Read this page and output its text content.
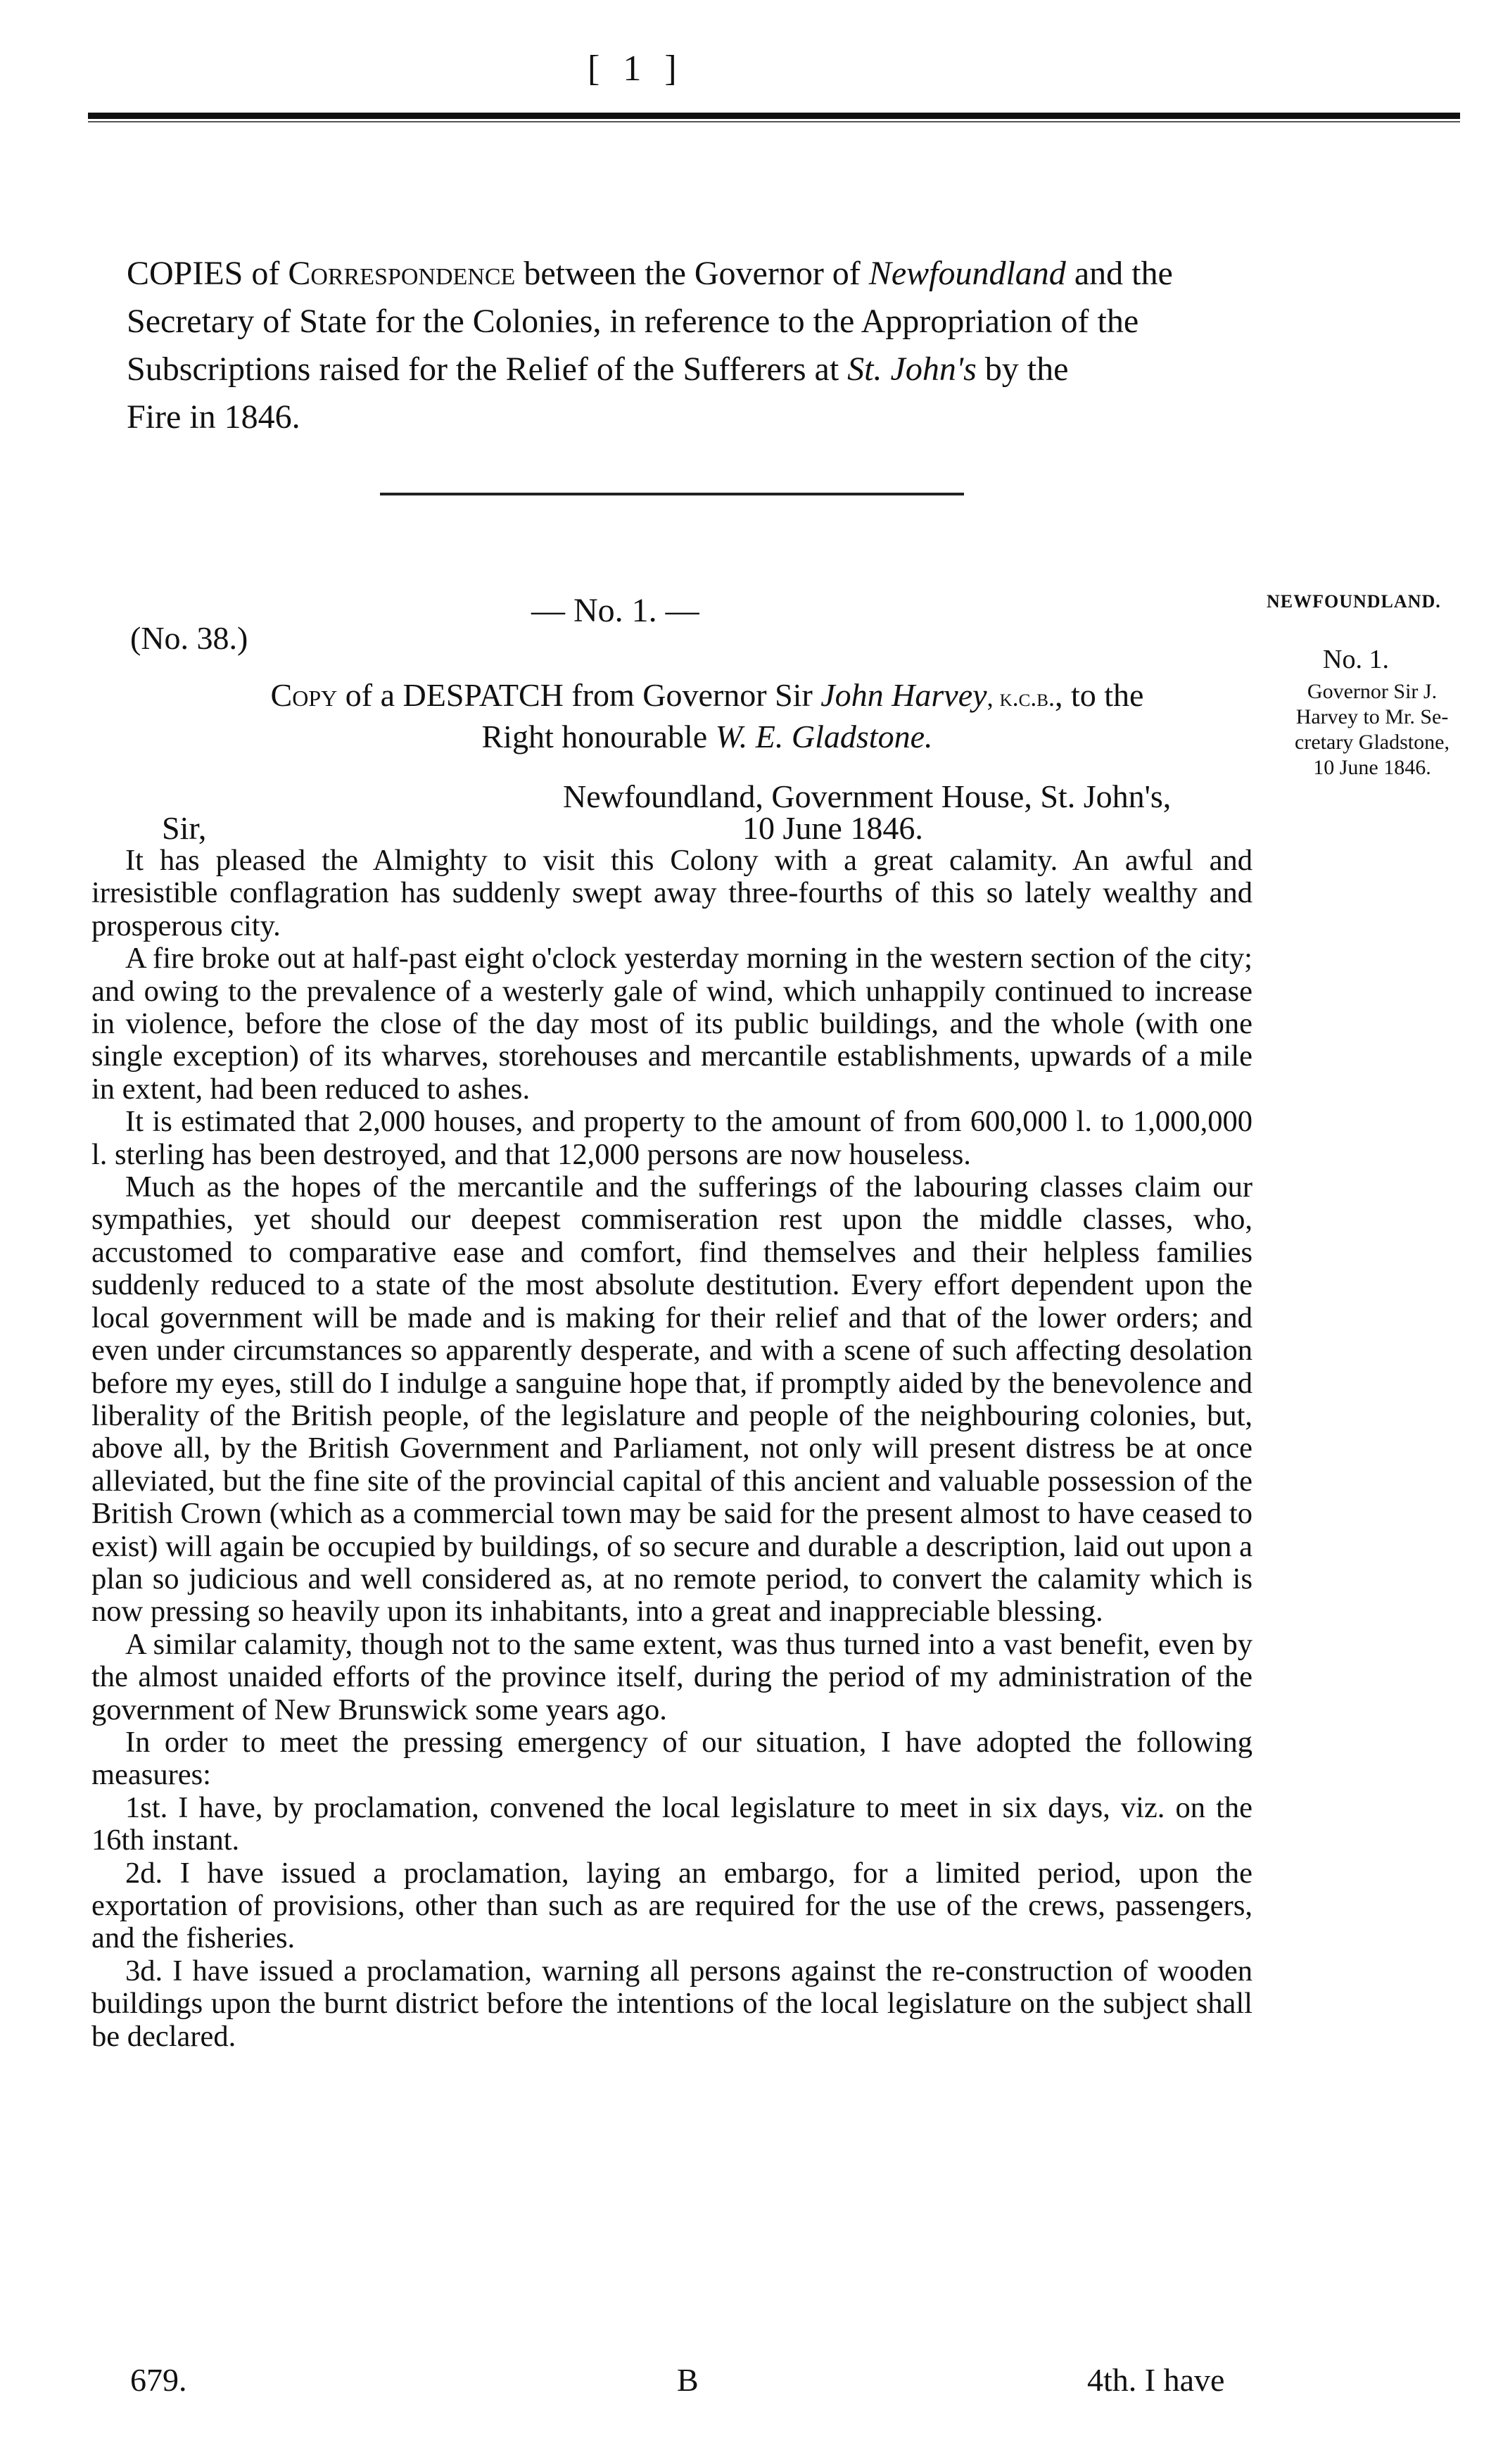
[ 1 ]

COPIES of Correspondence between the Governor of Newfoundland and the

Secretary of State for the Colonies, in reference to the Appropriation of the

Subscriptions raised for the Relief of the Sufferers at St. John's by the

Fire in 1846.

— No. 1. —
(No. 38.)
NEWFOUNDLAND.
No. 1.
Governor Sir J.
Harvey to Mr. Se-
cretary Gladstone,
10 June 1846.
Copy of a DESPATCH from Governor Sir John Harvey, k.c.b., to the
Right honourable W. E. Gladstone.
Newfoundland, Government House, St. John's,
Sir,	10 June 1846.

It has pleased the Almighty to visit this Colony with a great calamity. An awful and irresistible conflagration has suddenly swept away three-fourths of this so lately wealthy and prosperous city.

A fire broke out at half-past eight o'clock yesterday morning in the western section of the city; and owing to the prevalence of a westerly gale of wind, which unhappily continued to increase in violence, before the close of the day most of its public buildings, and the whole (with one single exception) of its wharves, storehouses and mercantile establishments, upwards of a mile in extent, had been reduced to ashes.

It is estimated that 2,000 houses, and property to the amount of from 600,000 l. to 1,000,000 l. sterling has been destroyed, and that 12,000 persons are now houseless.

Much as the hopes of the mercantile and the sufferings of the labouring classes claim our sympathies, yet should our deepest commiseration rest upon the middle classes, who, accustomed to comparative ease and comfort, find themselves and their helpless families suddenly reduced to a state of the most absolute destitution. Every effort dependent upon the local government will be made and is making for their relief and that of the lower orders; and even under circumstances so apparently desperate, and with a scene of such affecting desolation before my eyes, still do I indulge a sanguine hope that, if promptly aided by the benevolence and liberality of the British people, of the legislature and people of the neighbouring colonies, but, above all, by the British Government and Parliament, not only will present distress be at once alleviated, but the fine site of the provincial capital of this ancient and valuable possession of the British Crown (which as a commercial town may be said for the present almost to have ceased to exist) will again be occupied by buildings, of so secure and durable a description, laid out upon a plan so judicious and well considered as, at no remote period, to convert the calamity which is now pressing so heavily upon its inhabitants, into a great and inappreciable blessing.

A similar calamity, though not to the same extent, was thus turned into a vast benefit, even by the almost unaided efforts of the province itself, during the period of my administration of the government of New Brunswick some years ago.

In order to meet the pressing emergency of our situation, I have adopted the following measures:

1st. I have, by proclamation, convened the local legislature to meet in six days, viz. on the 16th instant.

2d. I have issued a proclamation, laying an embargo, for a limited period, upon the exportation of provisions, other than such as are required for the use of the crews, passengers, and the fisheries.

3d. I have issued a proclamation, warning all persons against the re-construction of wooden buildings upon the burnt district before the intentions of the local legislature on the subject shall be declared.

679.	B	4th. I have
